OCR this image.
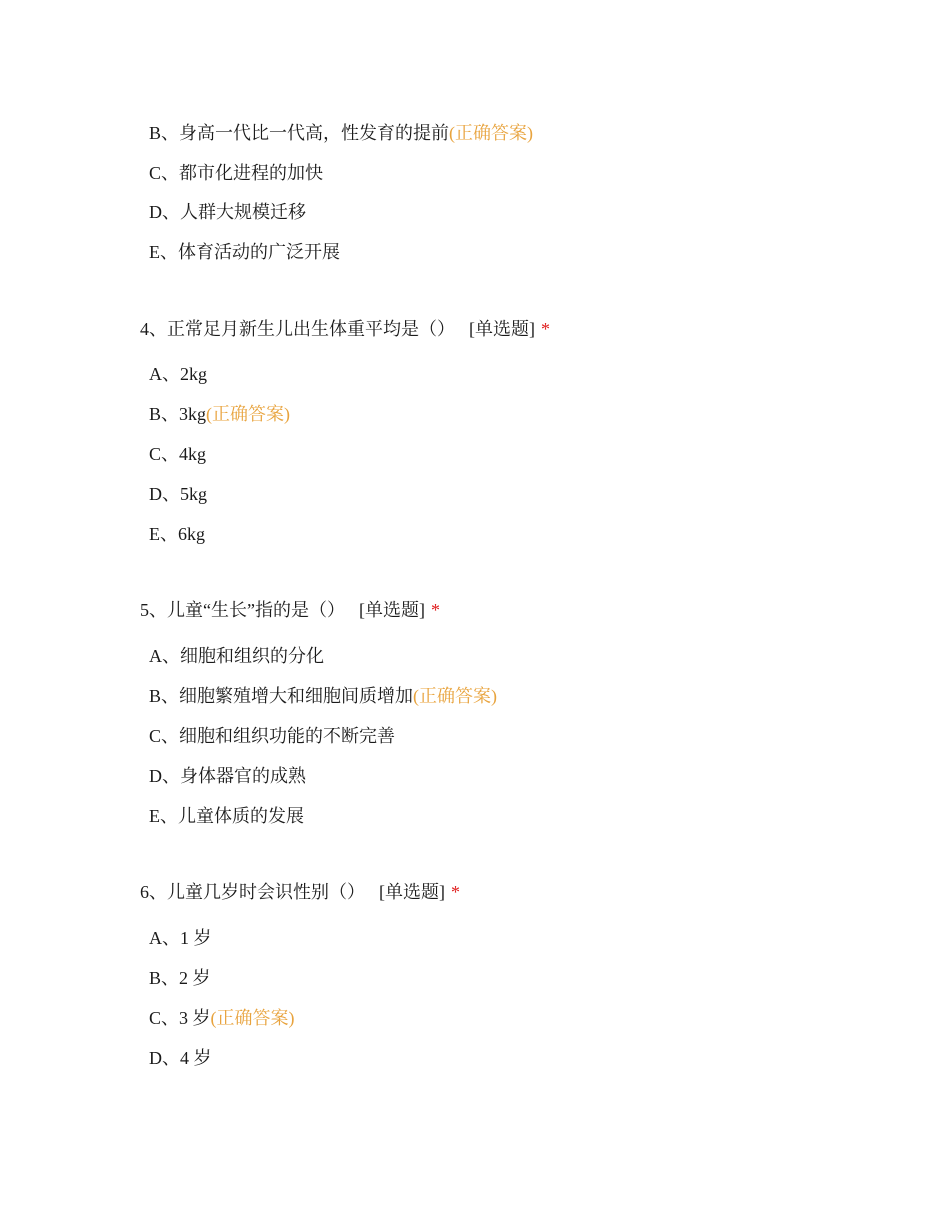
B、身高一代比一代高，性发育的提前(正确答案)
C、都市化进程的加快
D、人群大规模迁移
E、体育活动的广泛开展
4、正常足月新生儿出生体重平均是（） [单选题] *
A、2kg
B、3kg(正确答案)
C、4kg
D、5kg
E、6kg
5、儿童“生长”指的是（） [单选题] *
A、细胞和组织的分化
B、细胞繁殖增大和细胞间质增加(正确答案)
C、细胞和组织功能的不断完善
D、身体器官的成熟
E、儿童体质的发展
6、儿童几岁时会识性别（） [单选题] *
A、1 岁
B、2 岁
C、3 岁(正确答案)
D、4 岁
